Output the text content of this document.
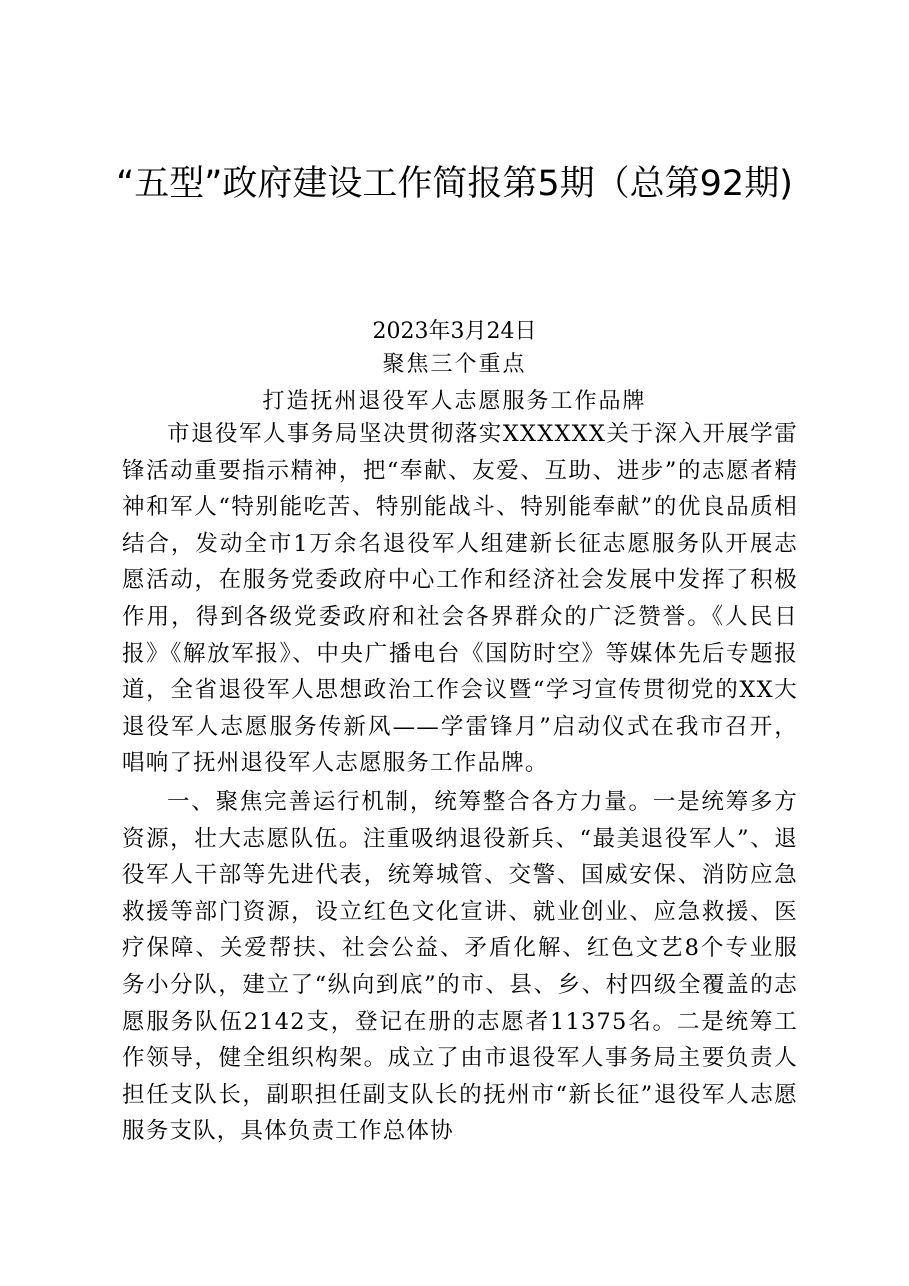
“五型”政府建设工作简报第5期（总第92期)

2023年3月24日

聚焦三个重点

打造抚州退役军人志愿服务工作品牌

市退役军人事务局坚决贯彻落实XXXXXX关于深入开展学雷锋活动重要指示精神，把“奉献、友爱、互助、进步”的志愿者精神和军人“特别能吃苦、特别能战斗、特别能奉献”的优良品质相结合，发动全市1万余名退役军人组建新长征志愿服务队开展志愿活动，在服务党委政府中心工作和经济社会发展中发挥了积极作用，得到各级党委政府和社会各界群众的广泛赞誉。《人民日报》《解放军报》、中央广播电台《国防时空》等媒体先后专题报道，全省退役军人思想政治工作会议暨“学习宣传贯彻党的XX大退役军人志愿服务传新风——学雷锋月”启动仪式在我市召开，唱响了抚州退役军人志愿服务工作品牌。

一、聚焦完善运行机制，统筹整合各方力量。一是统筹多方资源，壮大志愿队伍。注重吸纳退役新兵、“最美退役军人”、退役军人干部等先进代表，统筹城管、交警、国威安保、消防应急救援等部门资源，设立红色文化宣讲、就业创业、应急救援、医疗保障、关爱帮扶、社会公益、矛盾化解、红色文艺8个专业服务小分队，建立了“纵向到底”的市、县、乡、村四级全覆盖的志愿服务队伍2142支，登记在册的志愿者11375名。二是统筹工作领导，健全组织构架。成立了由市退役军人事务局主要负责人担任支队长，副职担任副支队长的抚州市“新长征”退役军人志愿服务支队，具体负责工作总体协
